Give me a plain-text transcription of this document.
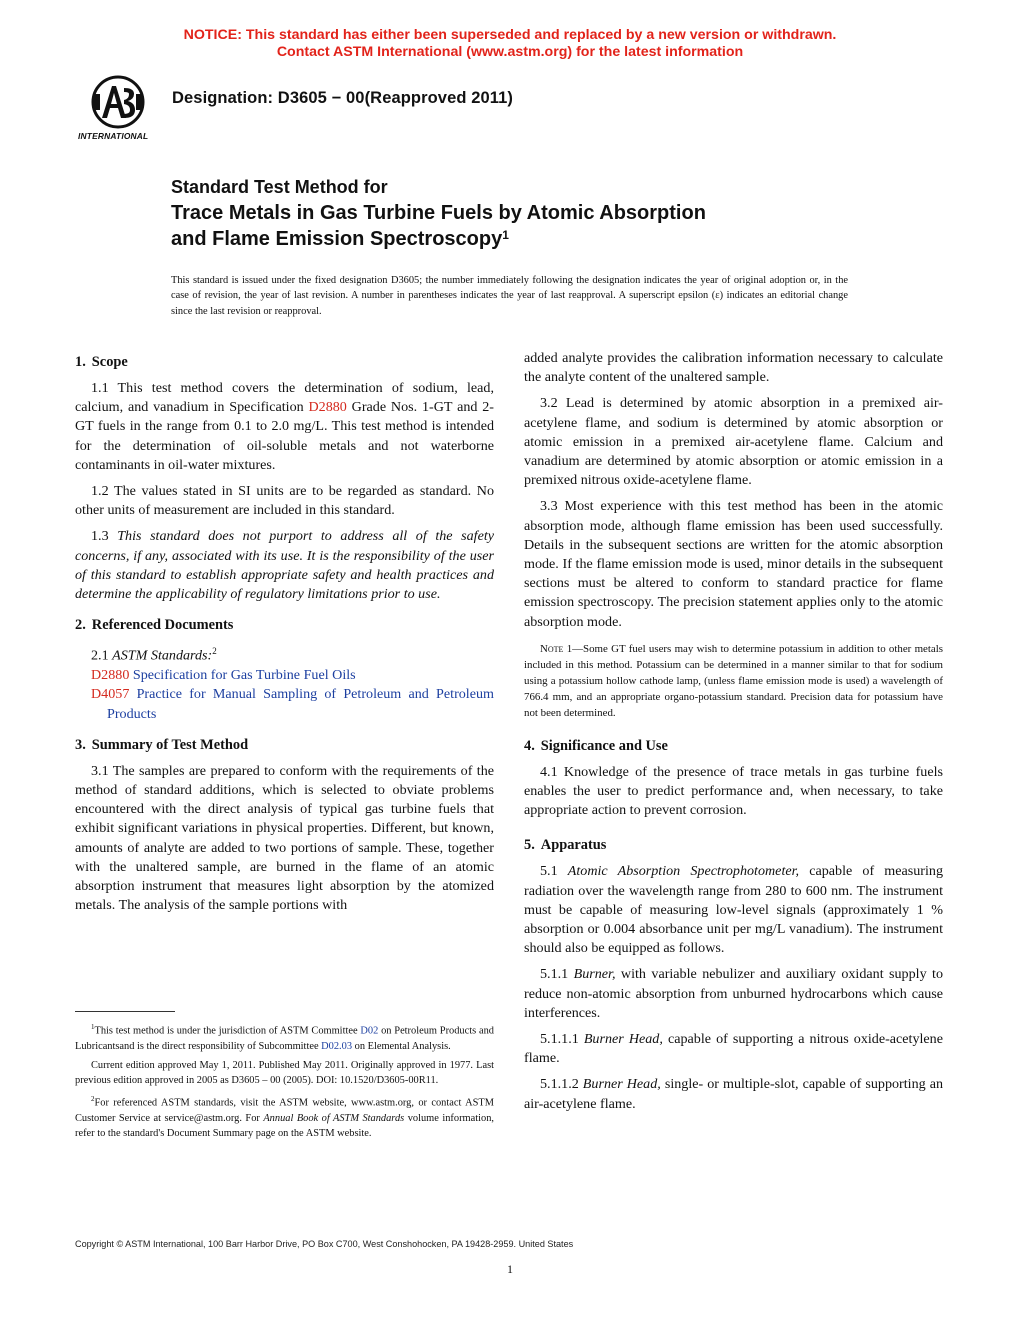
NOTICE: This standard has either been superseded and replaced by a new version or withdrawn.
Contact ASTM International (www.astm.org) for the latest information
INTERNATIONAL
Designation: D3605 − 00(Reapproved 2011)
Standard Test Method for
Trace Metals in Gas Turbine Fuels by Atomic Absorption
and Flame Emission Spectroscopy$^1$
This standard is issued under the fixed designation D3605; the number immediately following the designation indicates the year of original adoption or, in the case of revision, the year of last revision. A number in parentheses indicates the year of last reapproval. A superscript epsilon (ε) indicates an editorial change since the last revision or reapproval.
1. Scope

1.1 This test method covers the determination of sodium, lead, calcium, and vanadium in Specification D2880 Grade Nos. 1-GT and 2-GT fuels in the range from 0.1 to 2.0 mg/L. This test method is intended for the determination of oil-soluble metals and not waterborne contaminants in oil-water mixtures.

1.2 The values stated in SI units are to be regarded as standard. No other units of measurement are included in this standard.

1.3 This standard does not purport to address all of the safety concerns, if any, associated with its use. It is the responsibility of the user of this standard to establish appropriate safety and health practices and determine the applicability of regulatory limitations prior to use.

2. Referenced Documents

2.1 ASTM Standards:$^2$

D2880 Specification for Gas Turbine Fuel Oils

D4057 Practice for Manual Sampling of Petroleum and Petroleum Products

3. Summary of Test Method

3.1 The samples are prepared to conform with the requirements of the method of standard additions, which is selected to obviate problems encountered with the direct analysis of typical gas turbine fuels that exhibit significant variations in physical properties. Different, but known, amounts of analyte are added to two portions of sample. These, together with the unaltered sample, are burned in the flame of an atomic absorption instrument that measures light absorption by the atomized metals. The analysis of the sample portions with

$^1$This test method is under the jurisdiction of ASTM Committee D02 on Petroleum Products and Lubricantsand is the direct responsibility of Subcommittee D02.03 on Elemental Analysis.

Current edition approved May 1, 2011. Published May 2011. Originally approved in 1977. Last previous edition approved in 2005 as D3605 – 00 (2005). DOI: 10.1520/D3605-00R11.

$^2$For referenced ASTM standards, visit the ASTM website, www.astm.org, or contact ASTM Customer Service at service@astm.org. For Annual Book of ASTM Standards volume information, refer to the standard's Document Summary page on the ASTM website.

added analyte provides the calibration information necessary to calculate the analyte content of the unaltered sample.

3.2 Lead is determined by atomic absorption in a premixed air-acetylene flame, and sodium is determined by atomic absorption or atomic emission in a premixed air-acetylene flame. Calcium and vanadium are determined by atomic absorption or atomic emission in a premixed nitrous oxide-acetylene flame.

3.3 Most experience with this test method has been in the atomic absorption mode, although flame emission has been used successfully. Details in the subsequent sections are written for the atomic absorption mode. If the flame emission mode is used, minor details in the subsequent sections must be altered to conform to standard practice for flame emission spectroscopy. The precision statement applies only to the atomic absorption mode.

Note 1—Some GT fuel users may wish to determine potassium in addition to other metals included in this method. Potassium can be determined in a manner similar to that for sodium using a potassium hollow cathode lamp, (unless flame emission mode is used) a wavelength of 766.4 mm, and an appropriate organo-potassium standard. Precision data for potassium have not been determined.

4. Significance and Use

4.1 Knowledge of the presence of trace metals in gas turbine fuels enables the user to predict performance and, when necessary, to take appropriate action to prevent corrosion.

5. Apparatus

5.1 Atomic Absorption Spectrophotometer, capable of measuring radiation over the wavelength range from 280 to 600 nm. The instrument must be capable of measuring low-level signals (approximately 1 % absorption or 0.004 absorbance unit per mg/L vanadium). The instrument should also be equipped as follows.

5.1.1 Burner, with variable nebulizer and auxiliary oxidant supply to reduce non-atomic absorption from unburned hydrocarbons which cause interferences.

5.1.1.1 Burner Head, capable of supporting a nitrous oxide-acetylene flame.

5.1.1.2 Burner Head, single- or multiple-slot, capable of supporting an air-acetylene flame.

Copyright © ASTM International, 100 Barr Harbor Drive, PO Box C700, West Conshohocken, PA 19428-2959. United States
1
